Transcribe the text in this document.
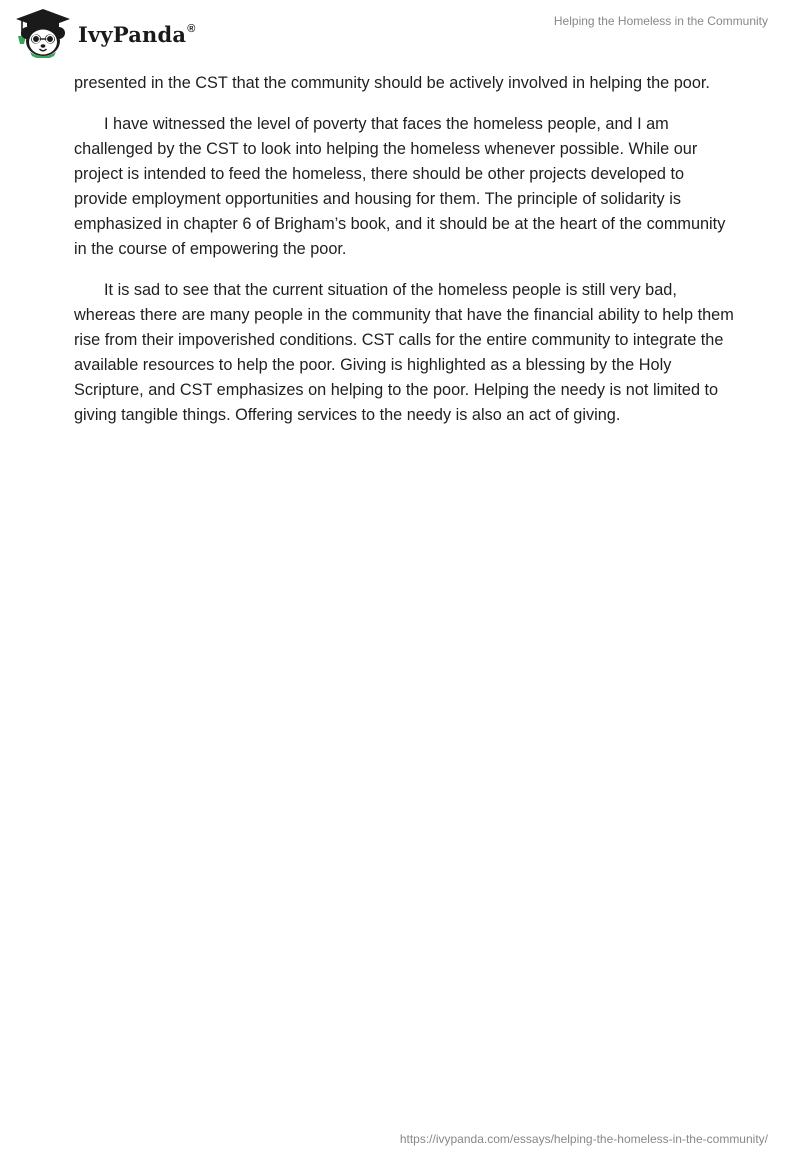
IvyPanda®
Helping the Homeless in the Community

presented in the CST that the community should be actively involved in helping the poor.

I have witnessed the level of poverty that faces the homeless people, and I am challenged by the CST to look into helping the homeless whenever possible. While our project is intended to feed the homeless, there should be other projects developed to provide employment opportunities and housing for them. The principle of solidarity is emphasized in chapter 6 of Brigham’s book, and it should be at the heart of the community in the course of empowering the poor.

It is sad to see that the current situation of the homeless people is still very bad, whereas there are many people in the community that have the financial ability to help them rise from their impoverished conditions. CST calls for the entire community to integrate the available resources to help the poor. Giving is highlighted as a blessing by the Holy Scripture, and CST emphasizes on helping to the poor. Helping the needy is not limited to giving tangible things. Offering services to the needy is also an act of giving.

https://ivypanda.com/essays/helping-the-homeless-in-the-community/
